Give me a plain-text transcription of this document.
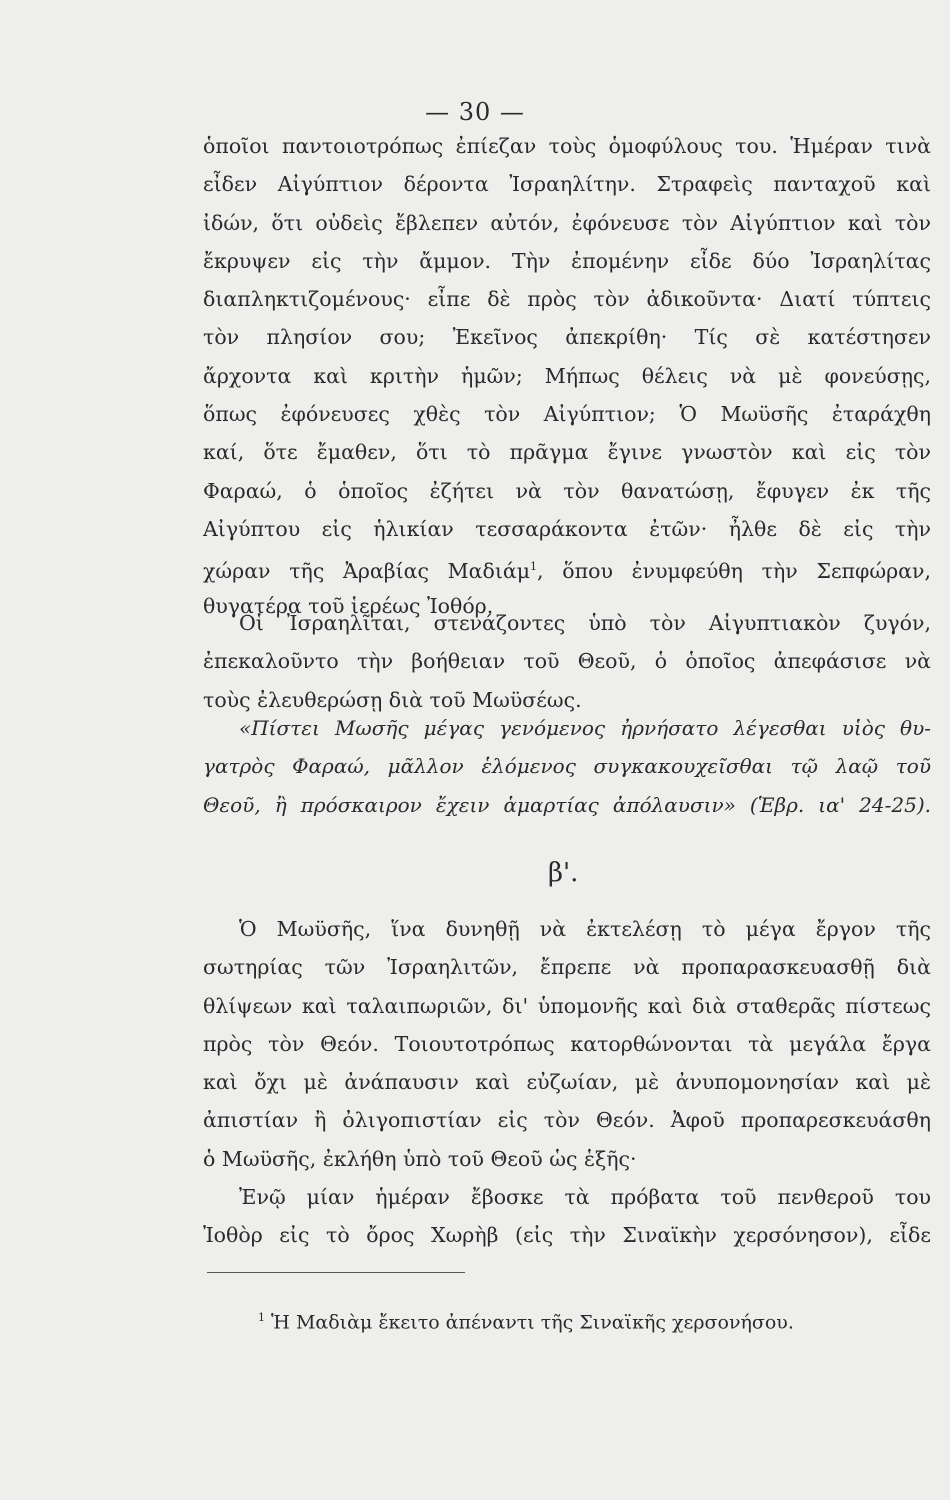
— 30 —
ὁποῖοι παντοιοτρόπως ἐπίεζαν τοὺς ὁμοφύλους του. Ἡμέραν τινὰ
εἶδεν Αἰγύπτιον δέροντα Ἰσραηλίτην. Στραφεὶς πανταχοῦ καὶ
ἰδών, ὅτι οὐδεὶς ἔβλεπεν αὐτόν, ἐφόνευσε τὸν Αἰγύπτιον καὶ τὸν
ἔκρυψεν εἰς τὴν ἄμμον. Τὴν ἐπομένην εἶδε δύο Ἰσραηλίτας
διαπληκτιζομένους· εἶπε δὲ πρὸς τὸν ἀδικοῦντα· Διατί τύπτεις
τὸν πλησίον σου; Ἐκεῖνος ἀπεκρίθη· Τίς σὲ κατέστησεν
ἄρχοντα καὶ κριτὴν ἡμῶν; Μήπως θέλεις νὰ μὲ φονεύσῃς,
ὅπως ἐφόνευσες χθὲς τὸν Αἰγύπτιον; Ὁ Μωϋσῆς ἐταράχθη
καί, ὅτε ἔμαθεν, ὅτι τὸ πρᾶγμα ἔγινε γνωστὸν καὶ εἰς τὸν
Φαραώ, ὁ ὁποῖος ἐζήτει νὰ τὸν θανατώσῃ, ἔφυγεν ἐκ τῆς
Αἰγύπτου εἰς ἡλικίαν τεσσαράκοντα ἐτῶν· ἦλθε δὲ εἰς τὴν
χώραν τῆς Ἀραβίας Μαδιάμ$^1$, ὅπου ἐνυμφεύθη τὴν Σεπφώραν,
θυγατέρα τοῦ ἱερέως Ἰοθόρ.
Οἱ Ἰσραηλῖται, στενάζοντες ὑπὸ τὸν Αἰγυπτιακὸν ζυγόν,
ἐπεκαλοῦντο τὴν βοήθειαν τοῦ Θεοῦ, ὁ ὁποῖος ἀπεφάσισε νὰ
τοὺς ἐλευθερώσῃ διὰ τοῦ Μωϋσέως.
«Πίστει Μωσῆς μέγας γενόμενος ἠρνήσατο λέγεσθαι υἱὸς θυ-
γατρὸς Φαραώ, μᾶλλον ἑλόμενος συγκακουχεῖσθαι τῷ λαῷ τοῦ
Θεοῦ, ἢ πρόσκαιρον ἔχειν ἁμαρτίας ἀπόλαυσιν» (Ἑβρ. ια' 24-25).
β'.
Ὁ Μωϋσῆς, ἵνα δυνηθῇ νὰ ἐκτελέσῃ τὸ μέγα ἔργον τῆς
σωτηρίας τῶν Ἰσραηλιτῶν, ἔπρεπε νὰ προπαρασκευασθῇ διὰ
θλίψεων καὶ ταλαιπωριῶν, δι' ὑπομονῆς καὶ διὰ σταθερᾶς πίστεως
πρὸς τὸν Θεόν. Τοιουτοτρόπως κατορθώνονται τὰ μεγάλα ἔργα
καὶ ὄχι μὲ ἀνάπαυσιν καὶ εὐζωίαν, μὲ ἀνυπομονησίαν καὶ μὲ
ἀπιστίαν ἢ ὀλιγοπιστίαν εἰς τὸν Θεόν. Ἀφοῦ προπαρεσκευάσθη
ὁ Μωϋσῆς, ἐκλήθη ὑπὸ τοῦ Θεοῦ ὡς ἑξῆς·
Ἐνῷ μίαν ἡμέραν ἔβοσκε τὰ πρόβατα τοῦ πενθεροῦ του
Ἰοθὸρ εἰς τὸ ὄρος Χωρὴβ (εἰς τὴν Σιναϊκὴν χερσόνησον), εἶδε
$^1$ Ἡ Μαδιὰμ ἔκειτο ἀπέναντι τῆς Σιναϊκῆς χερσονήσου.
